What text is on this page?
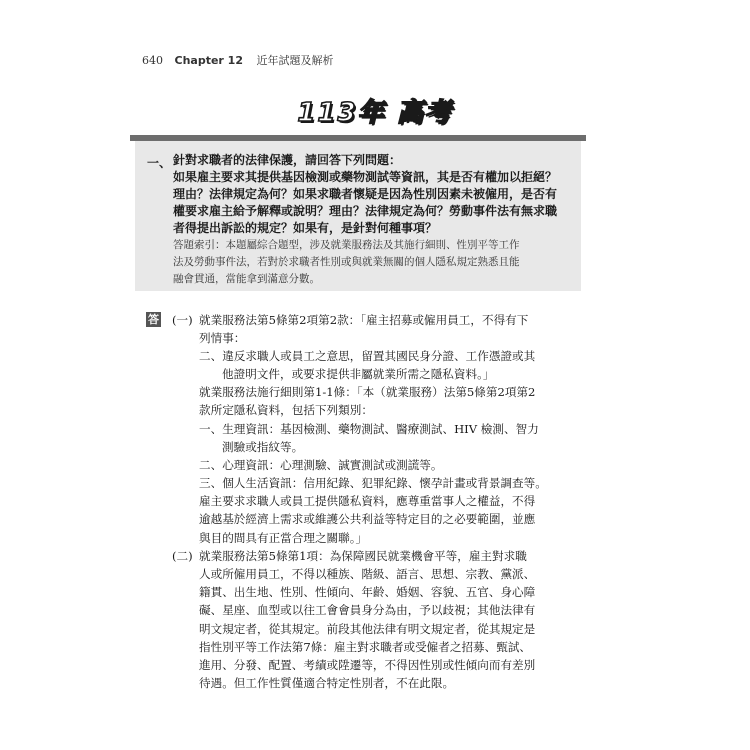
640 Chapter 12 近年試題及解析
113年 高考
一、 針對求職者的法律保護，請回答下列問題：
如果雇主要求其提供基因檢測或藥物測試等資訊，其是否有權加以拒絕？
理由？法律規定為何？如果求職者懷疑是因為性別因素未被僱用，是否有
權要求雇主給予解釋或說明？理由？法律規定為何？勞動事件法有無求職
者得提出訴訟的規定？如果有，是針對何種事項？
答題索引：本題屬綜合題型，涉及就業服務法及其施行細則、性別平等工作
法及勞動事件法，若對於求職者性別或與就業無關的個人隱私規定熟悉且能
融會貫通，當能拿到滿意分數。
答 (一) 就業服務法第5條第2項第2款：「雇主招募或僱用員工，不得有下
列情事：
二、違反求職人或員工之意思，留置其國民身分證、工作憑證或其
他證明文件，或要求提供非屬就業所需之隱私資料。」
就業服務法施行細則第1-1條：「本（就業服務）法第5條第2項第2
款所定隱私資料，包括下列類別：
一、生理資訊：基因檢測、藥物測試、醫療測試、HIV 檢測、智力
測驗或指紋等。
二、心理資訊：心理測驗、誠實測試或測謊等。
三、個人生活資訊：信用紀錄、犯罪紀錄、懷孕計畫或背景調查等。
雇主要求求職人或員工提供隱私資料，應尊重當事人之權益，不得
逾越基於經濟上需求或維護公共利益等特定目的之必要範圍，並應
與目的間具有正當合理之關聯。」
(二) 就業服務法第5條第1項：為保障國民就業機會平等，雇主對求職
人或所僱用員工，不得以種族、階級、語言、思想、宗教、黨派、
籍貫、出生地、性別、性傾向、年齡、婚姻、容貌、五官、身心障
礙、星座、血型或以往工會會員身分為由，予以歧視；其他法律有
明文規定者，從其規定。前段其他法律有明文規定者，從其規定是
指性別平等工作法第7條：雇主對求職者或受僱者之招募、甄試、
進用、分發、配置、考績或陞遷等，不得因性別或性傾向而有差別
待遇。但工作性質僅適合特定性別者，不在此限。
